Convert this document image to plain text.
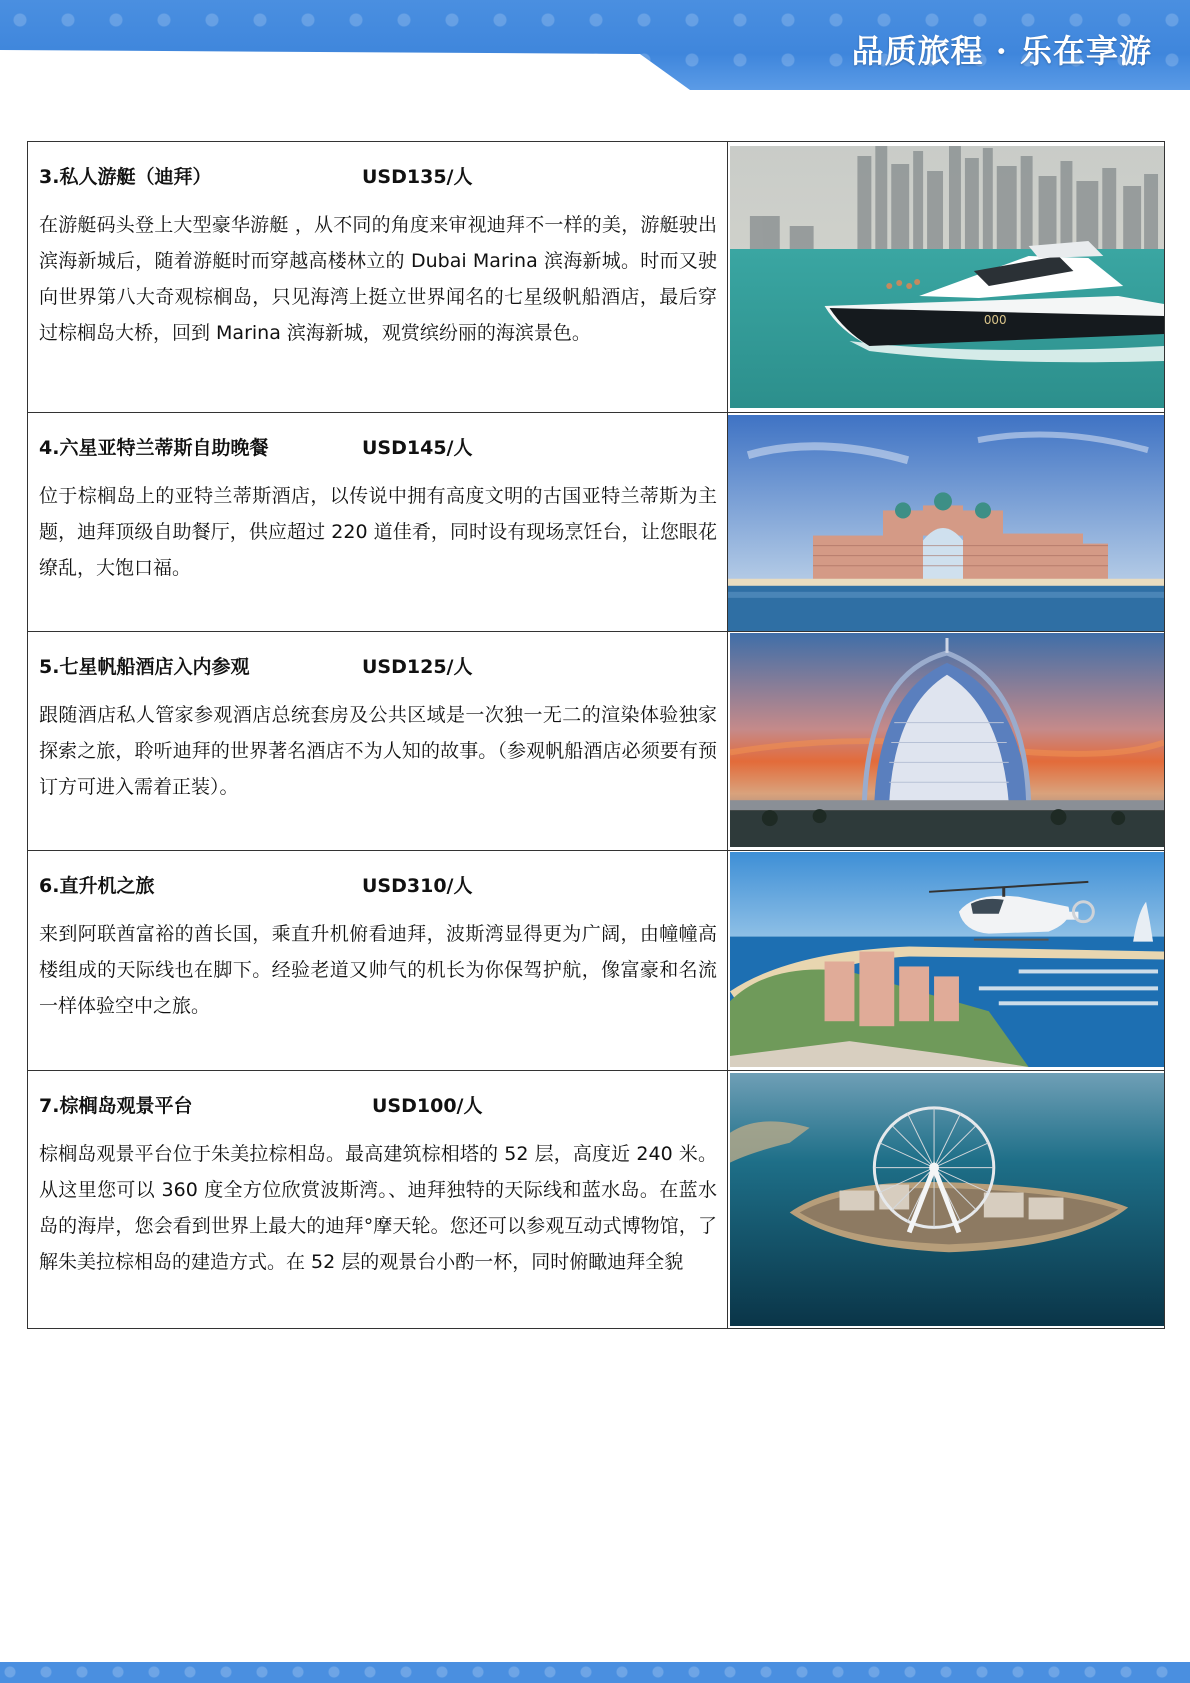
品质旅程 · 乐在享游
3.私人游艇（迪拜）	USD135/人

在游艇码头登上大型豪华游艇 ，从不同的角度来审视迪拜不一样的美，游艇驶出滨海新城后，随着游艇时而穿越高楼林立的 Dubai Marina 滨海新城。时而又驶向世界第八大奇观棕榈岛，只见海湾上挺立世界闻名的七星级帆船酒店，最后穿过棕榈岛大桥，回到 Marina 滨海新城，观赏缤纷丽的海滨景色。

000
4.六星亚特兰蒂斯自助晚餐	USD145/人

位于棕榈岛上的亚特兰蒂斯酒店，以传说中拥有高度文明的古国亚特兰蒂斯为主题，迪拜顶级自助餐厅，供应超过 220 道佳肴，同时设有现场烹饪台，让您眼花缭乱，大饱口福。

5.七星帆船酒店入内参观	USD125/人

跟随酒店私人管家参观酒店总统套房及公共区域是一次独一无二的渲染体验独家探索之旅，聆听迪拜的世界著名酒店不为人知的故事。（参观帆船酒店必须要有预订方可进入需着正装）。

6.直升机之旅	USD310/人

来到阿联酋富裕的酋长国，乘直升机俯看迪拜，波斯湾显得更为广阔，由幢幢高楼组成的天际线也在脚下。经验老道又帅气的机长为你保驾护航，像富豪和名流一样体验空中之旅。

7.棕榈岛观景平台	USD100/人

棕榈岛观景平台位于朱美拉棕相岛。最高建筑棕相塔的 52 层，高度近 240 米。从这里您可以 360 度全方位欣赏波斯湾。、迪拜独特的天际线和蓝水岛。在蓝水岛的海岸，您会看到世界上最大的迪拜°摩天轮。您还可以参观互动式博物馆，了解朱美拉棕相岛的建造方式。在 52 层的观景台小酌一杯，同时俯瞰迪拜全貌
